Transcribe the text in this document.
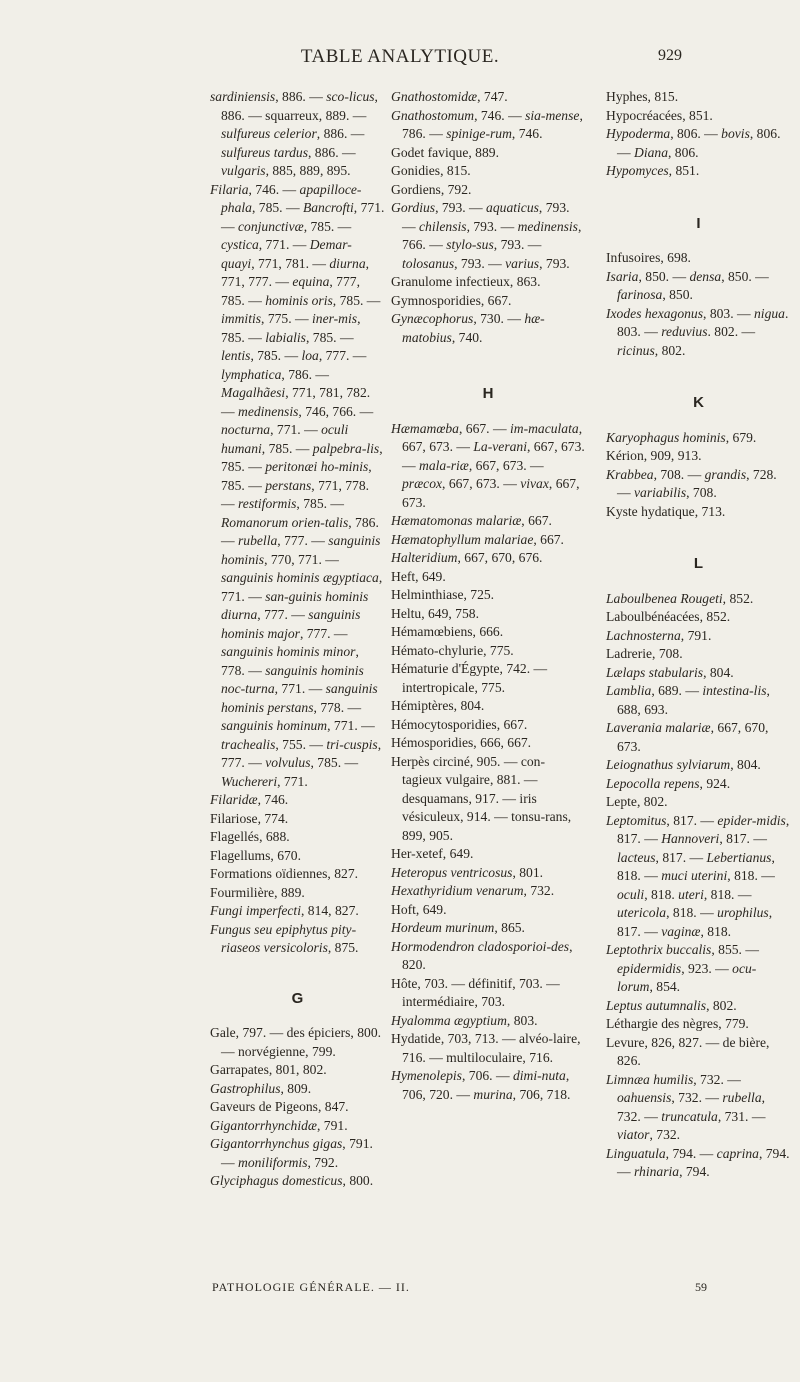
TABLE ANALYTIQUE.	929
sardiniensis, 886. — sco-licus, 886. — squarreux, 889. — sulfureus celerior, 886. — sulfureus tardus, 886. — vulgaris, 885, 889, 895.
Filaria, 746. — apapilloce-phala, 785. — Bancrofti, 771. — conjunctivæ, 785. — cystica, 771. — Demar-quayi, 771, 781. — diurna, 771, 777. — equina, 777, 785. — hominis oris, 785. — immitis, 775. — iner-mis, 785. — labialis, 785. — lentis, 785. — loa, 777. — lymphatica, 786. — Magalhãesi, 771, 781, 782. — medinensis, 746, 766. — nocturna, 771. — oculi humani, 785. — palpebra-lis, 785. — peritonæi ho-minis, 785. — perstans, 771, 778. — restiformis, 785. — Romanorum orien-talis, 786. — rubella, 777. — sanguinis hominis, 770, 771. — sanguinis hominis ægyptiaca, 771. — san-guinis hominis diurna, 777. — sanguinis hominis major, 777. — sanguinis hominis minor, 778. — sanguinis hominis noc-turna, 771. — sanguinis hominis perstans, 778. — sanguinis hominum, 771. — trachealis, 755. — tri-cuspis, 777. — volvulus, 785. — Wuchereri, 771.
Filaridæ, 746.
Filariose, 774.
Flagellés, 688.
Flagellums, 670.
Formations oïdiennes, 827.
Fourmilière, 889.
Fungi imperfecti, 814, 827.
Fungus seu epiphytus pity-riaseos versicoloris, 875.
G
Gale, 797. — des épiciers, 800. — norvégienne, 799.
Garrapates, 801, 802.
Gastrophilus, 809.
Gaveurs de Pigeons, 847.
Gigantorrhynchidæ, 791.
Gigantorrhynchus gigas, 791. — moniliformis, 792.
Glyciphagus domesticus, 800.
Gnathostomidæ, 747.
Gnathostomum, 746. — sia-mense, 786. — spinige-rum, 746.
Godet favique, 889.
Gonidies, 815.
Gordiens, 792.
Gordius, 793. — aquaticus, 793. — chilensis, 793. — medinensis, 766. — stylo-sus, 793. — tolosanus, 793. — varius, 793.
Granulome infectieux, 863.
Gymnosporidies, 667.
Gynæcophorus, 730. — hæ-matobius, 740.
H
Hæmamœba, 667. — im-maculata, 667, 673. — La-verani, 667, 673. — mala-riæ, 667, 673. — præcox, 667, 673. — vivax, 667, 673.
Hæmatomonas malariæ, 667.
Hæmatophyllum malariae, 667.
Halteridium, 667, 670, 676.
Heft, 649.
Helminthiase, 725.
Heltu, 649, 758.
Hémamœbiens, 666.
Hémato-chylurie, 775.
Hématurie d'Égypte, 742. — intertropicale, 775.
Hémiptères, 804.
Hémocytosporidies, 667.
Hémosporidies, 666, 667.
Herpès circiné, 905. — con-tagieux vulgaire, 881. — desquamans, 917. — iris vésiculeux, 914. — tonsu-rans, 899, 905.
Her-xetef, 649.
Heteropus ventricosus, 801.
Hexathyridium venarum, 732.
Hoft, 649.
Hordeum murinum, 865.
Hormodendron cladosporioi-des, 820.
Hôte, 703. — définitif, 703. — intermédiaire, 703.
Hyalomma ægyptium, 803.
Hydatide, 703, 713. — alvéo-laire, 716. — multiloculaire, 716.
Hymenolepis, 706. — dimi-nuta, 706, 720. — murina, 706, 718.
Hyphes, 815.
Hypocréacées, 851.
Hypoderma, 806. — bovis, 806. — Diana, 806.
Hypomyces, 851.
I
Infusoires, 698.
Isaria, 850. — densa, 850. — farinosa, 850.
Ixodes hexagonus, 803. — nigua. 803. — reduvius. 802. — ricinus, 802.
K
Karyophagus hominis, 679.
Kérion, 909, 913.
Krabbea, 708. — grandis, 728. — variabilis, 708.
Kyste hydatique, 713.
L
Laboulbenea Rougeti, 852.
Laboulbénéacées, 852.
Lachnosterna, 791.
Ladrerie, 708.
Lælaps stabularis, 804.
Lamblia, 689. — intestina-lis, 688, 693.
Laverania malariæ, 667, 670, 673.
Leiognathus sylviarum, 804.
Lepocolla repens, 924.
Lepte, 802.
Leptomitus, 817. — epider-midis, 817. — Hannoveri, 817. — lacteus, 817. — Lebertianus, 818. — muci uterini, 818. — oculi, 818. uteri, 818. — utericola, 818. — urophilus, 817. — vaginæ, 818.
Leptothrix buccalis, 855. — epidermidis, 923. — ocu-lorum, 854.
Leptus autumnalis, 802.
Léthargie des nègres, 779.
Levure, 826, 827. — de bière, 826.
Limnæa humilis, 732. — oahuensis, 732. — rubella, 732. — truncatula, 731. — viator, 732.
Linguatula, 794. — caprina, 794. — rhinaria, 794.
PATHOLOGIE GÉNÉRALE. — II.	59
